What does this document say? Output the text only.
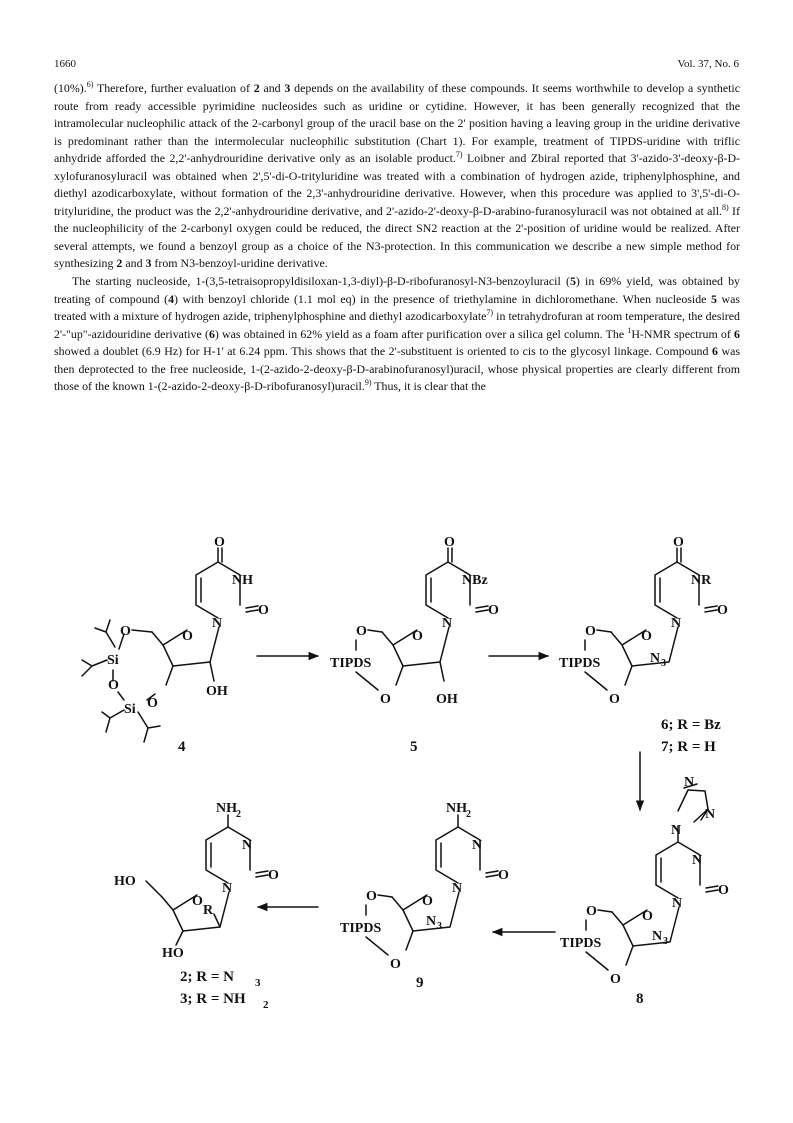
1660	Vol. 37, No. 6

(10%).$^{6)}$ Therefore, further evaluation of 2 and 3 depends on the availability of these compounds. It seems worthwhile to develop a synthetic route from ready accessible pyrimidine nucleosides such as uridine or cytidine. However, it has been generally recognized that the intramolecular nucleophilic attack of the 2-carbonyl group of the uracil base on the 2' position having a leaving group in the uridine derivative is predominant rather than the intermolecular nucleophilic substitution (Chart 1). For example, treatment of TIPDS-uridine with triflic anhydride afforded the 2,2'-anhydrouridine derivative only as an isolable product.$^{7)}$ Loibner and Zbiral reported that 3'-azido-3'-deoxy-β-D-xylofuranosyluracil was obtained when 2',5'-di-O-trityluridine was treated with a combination of hydrogen azide, triphenylphosphine, and diethyl azodicarboxylate, without formation of the 2,3'-anhydrouridine derivative. However, when this procedure was applied to 3',5'-di-O-trityluridine, the product was the 2,2'-anhydrouridine derivative, and 2'-azido-2'-deoxy-β-D-arabino-furanosyluracil was not obtained at all.$^{8)}$ If the nucleophilicity of the 2-carbonyl oxygen could be reduced, the direct SN2 reaction at the 2'-position of uridine would be realized. After several attempts, we found a benzoyl group as a choice of the N3-protection. In this communication we describe a new simple method for synthesizing 2 and 3 from N3-benzoyl-uridine derivative.

The starting nucleoside, 1-(3,5-tetraisopropyldisiloxan-1,3-diyl)-β-D-ribofuranosyl-N3-benzoyluracil (5) in 69% yield, was obtained by treating of compound (4) with benzoyl chloride (1.1 mol eq) in the presence of triethylamine in dichloromethane. When nucleoside 5 was treated with a mixture of hydrogen azide, triphenylphosphine and diethyl azodicarboxylate$^{7)}$ in tetrahydrofuran at room temperature, the desired 2'-"up"-azidouridine derivative (6) was obtained in 62% yield as a foam after purification over a silica gel column. The $^1$H-NMR spectrum of 6 showed a doublet (6.9 Hz) for H-1' at 6.24 ppm. This shows that the 2'-substituent is oriented to cis to the glycosyl linkage. Compound 6 was then deprotected to the free nucleoside, 1-(2-azido-2-deoxy-β-D-arabinofuranosyl)uracil, whose physical properties are clearly different from those of the known 1-(2-azido-2-deoxy-β-D-ribofuranosyl)uracil.$^{9)}$ Thus, it is clear that the

O
NH
O
N
O
O
Si
O
Si O
OH
O
NBz
O
N
O
O
TIPDS
O	OH
O
NR
O
N
O
O
TIPDS
O
N 3
N
N
N
N
O
N
O
O
TIPDS
O
N 3
NH 2
N
O
N
O
O
TIPDS
O
N 3
NH 2
N
O
N
O
HO
R
HO
4	5
6; R = Bz
7; R = H
8
9
2; R = N 3
3; R = NH 2
